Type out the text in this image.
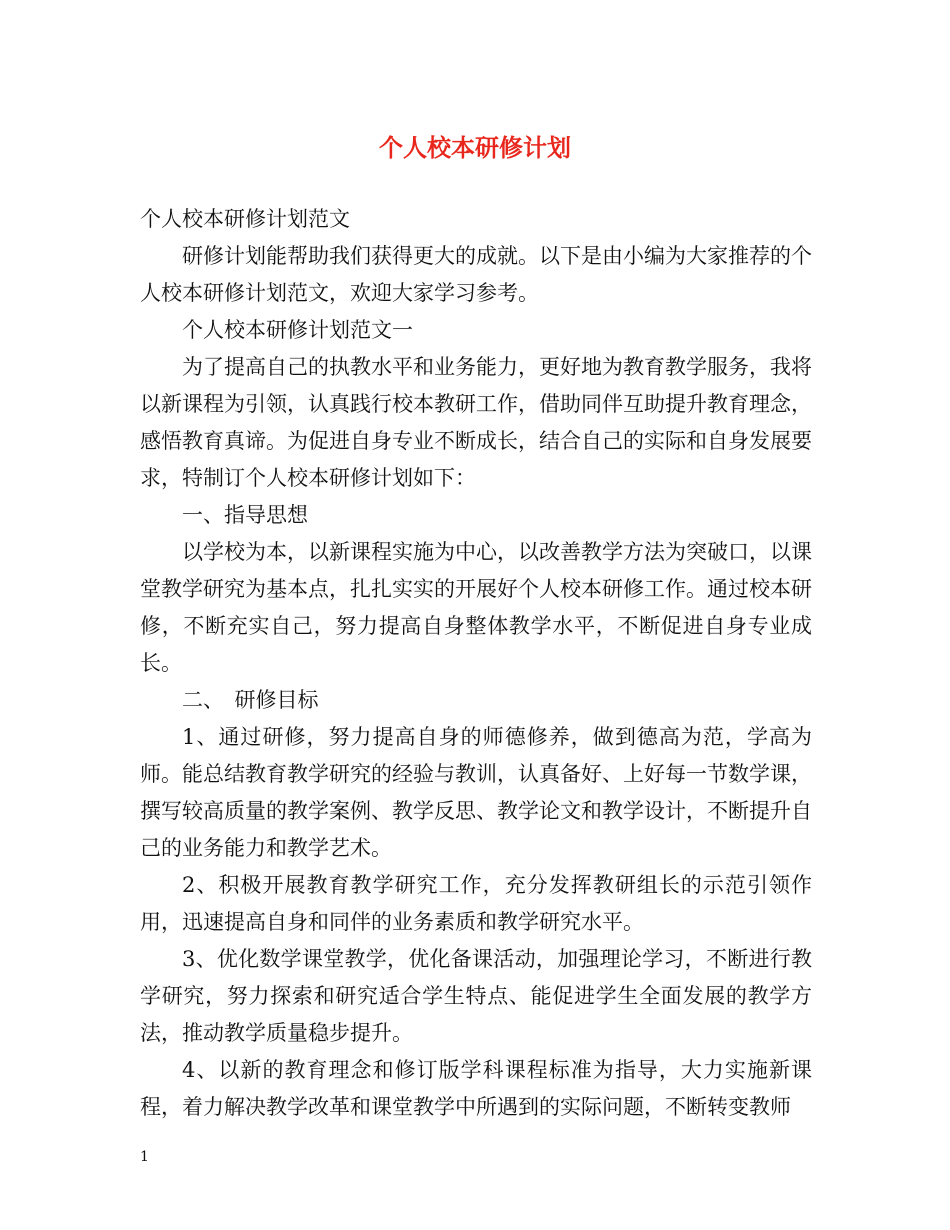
个人校本研修计划

个人校本研修计划范文

研修计划能帮助我们获得更大的成就。以下是由小编为大家推荐的个人校本研修计划范文，欢迎大家学习参考。

个人校本研修计划范文一

为了提高自己的执教水平和业务能力，更好地为教育教学服务，我将以新课程为引领，认真践行校本教研工作，借助同伴互助提升教育理念，感悟教育真谛。为促进自身专业不断成长，结合自己的实际和自身发展要求，特制订个人校本研修计划如下：

一、指导思想

以学校为本，以新课程实施为中心，以改善教学方法为突破口，以课堂教学研究为基本点，扎扎实实的开展好个人校本研修工作。通过校本研修，不断充实自己，努力提高自身整体教学水平，不断促进自身专业成长。

二、　研修目标

1、通过研修，努力提高自身的师德修养，做到德高为范，学高为师。能总结教育教学研究的经验与教训，认真备好、上好每一节数学课，撰写较高质量的教学案例、教学反思、教学论文和教学设计，不断提升自己的业务能力和教学艺术。

2、积极开展教育教学研究工作，充分发挥教研组长的示范引领作用，迅速提高自身和同伴的业务素质和教学研究水平。

3、优化数学课堂教学，优化备课活动，加强理论学习，不断进行教学研究，努力探索和研究适合学生特点、能促进学生全面发展的教学方法，推动教学质量稳步提升。

4、以新的教育理念和修订版学科课程标准为指导，大力实施新课程，着力解决教学改革和课堂教学中所遇到的实际问题，不断转变教师

1
